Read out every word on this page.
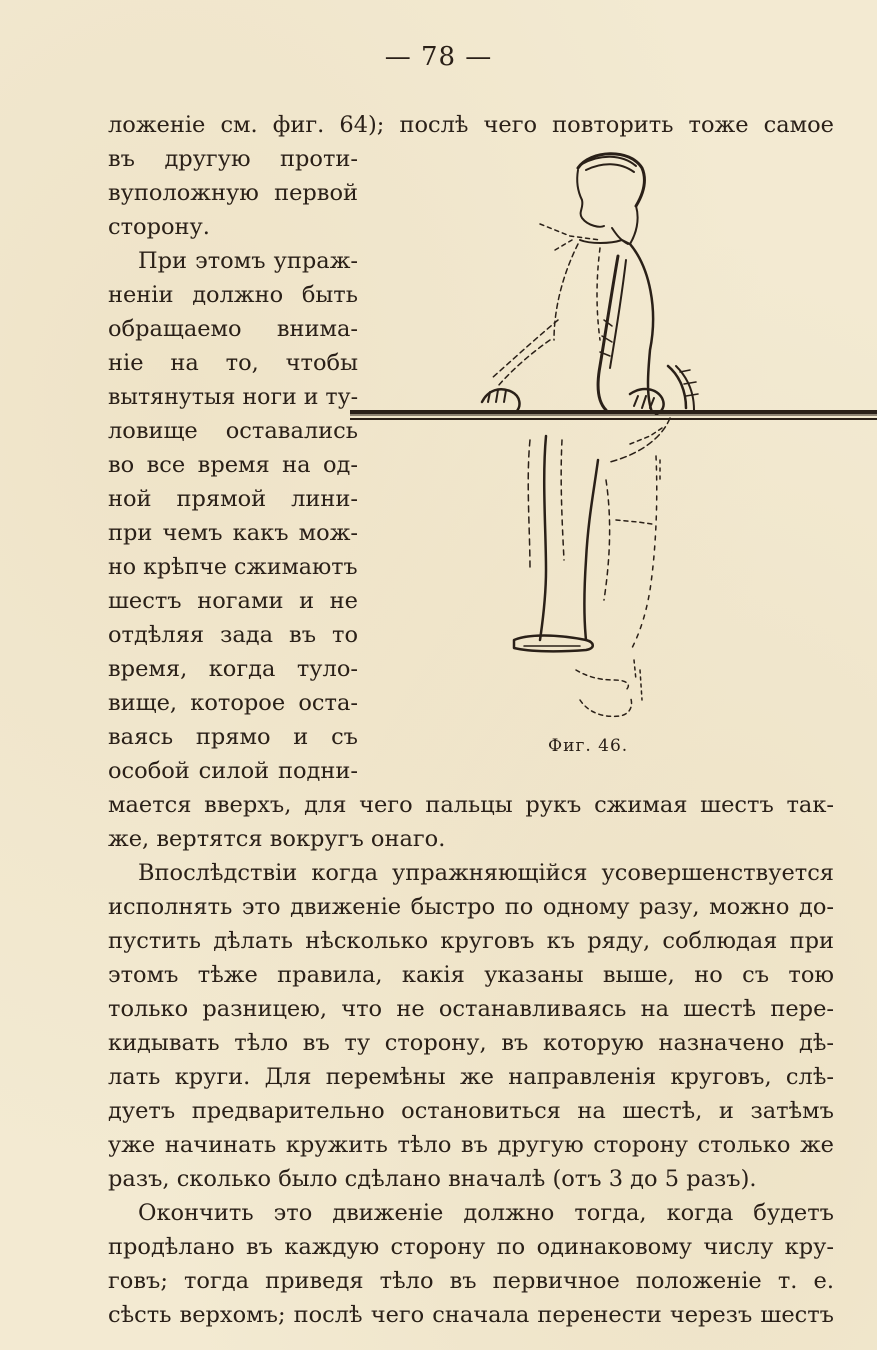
— 78 —
ложенiе см. фиг. 64); послѣ чего повторить тоже самое
въ другую проти-
вуположную первой
сторону.
При этомъ упраж-
ненiи должно быть
обращаемо внима-
нiе на то, чтобы
вытянутыя ноги и ту-
ловище оставались
во все время на од-
ной прямой лини-
при чемъ какъ мож-
но крѣпче сжимаютъ
шестъ ногами и не
отдѣляя зада въ то
время, когда туло-
вище, которое оста-
ваясь прямо и съ
особой силой подни-
мается вверхъ, для чего пальцы рукъ сжимая шестъ так-
же, вертятся вокругъ онаго.
Впослѣдствiи когда упражняющiйся усовершенствуется
исполнять это движенiе быстро по одному разу, можно до-
пустить дѣлать нѣсколько круговъ къ ряду, соблюдая при
этомъ тѣже правила, какiя указаны выше, но съ тою
только разницею, что не останавливаясь на шестѣ пере-
кидывать тѣло въ ту сторону, въ которую назначено дѣ-
лать круги. Для перемѣны же направленiя круговъ, слѣ-
дуетъ предварительно остановиться на шестѣ, и затѣмъ
уже начинать кружить тѣло въ другую сторону столько же
разъ, сколько было сдѣлано вначалѣ (отъ 3 до 5 разъ).
Окончить это движенiе должно тогда, когда будетъ
продѣлано въ каждую сторону по одинаковому числу кру-
говъ; тогда приведя тѣло въ первичное положенiе т. е.
сѣсть верхомъ; послѣ чего сначала перенести черезъ шестъ
Фиг. 46.
